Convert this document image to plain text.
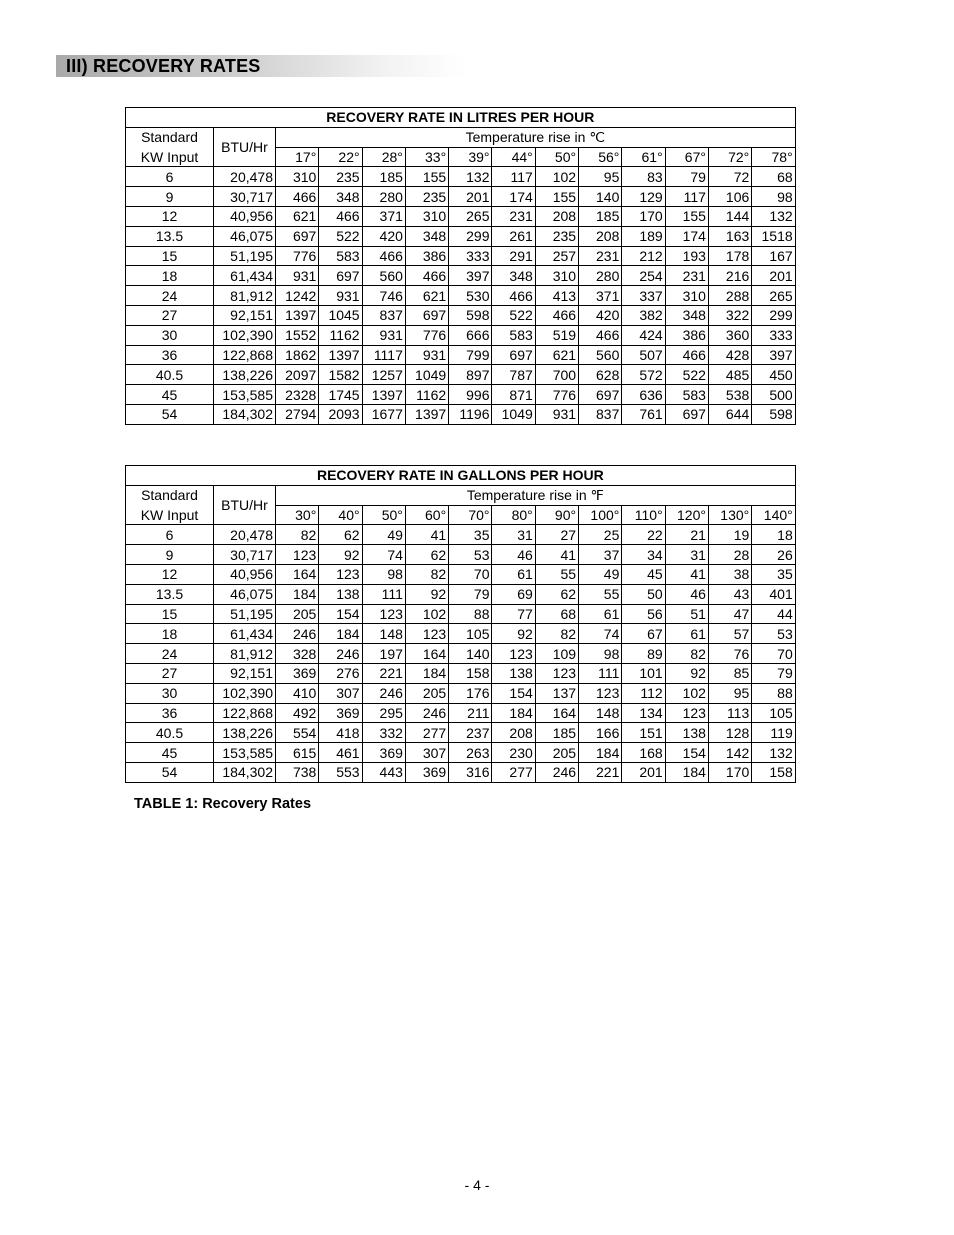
III) RECOVERY RATES
RECOVERY RATE IN LITRES PER HOUR													
Standard	BTU/Hr	Temperature rise in ℃											
KW Input		17°	22°	28°	33°	39°	44°	50°	56°	61°	67°	72°	78°
6	20,478	310	235	185	155	132	117	102	95	83	79	72	68
9	30,717	466	348	280	235	201	174	155	140	129	117	106	98
12	40,956	621	466	371	310	265	231	208	185	170	155	144	132
13.5	46,075	697	522	420	348	299	261	235	208	189	174	163	1518
15	51,195	776	583	466	386	333	291	257	231	212	193	178	167
18	61,434	931	697	560	466	397	348	310	280	254	231	216	201
24	81,912	1242	931	746	621	530	466	413	371	337	310	288	265
27	92,151	1397	1045	837	697	598	522	466	420	382	348	322	299
30	102,390	1552	1162	931	776	666	583	519	466	424	386	360	333
36	122,868	1862	1397	1117	931	799	697	621	560	507	466	428	397
40.5	138,226	2097	1582	1257	1049	897	787	700	628	572	522	485	450
45	153,585	2328	1745	1397	1162	996	871	776	697	636	583	538	500
54	184,302	2794	2093	1677	1397	1196	1049	931	837	761	697	644	598
RECOVERY RATE IN GALLONS PER HOUR													
Standard	BTU/Hr	Temperature rise in ℉											
KW Input		30°	40°	50°	60°	70°	80°	90°	100°	110°	120°	130°	140°
6	20,478	82	62	49	41	35	31	27	25	22	21	19	18
9	30,717	123	92	74	62	53	46	41	37	34	31	28	26
12	40,956	164	123	98	82	70	61	55	49	45	41	38	35
13.5	46,075	184	138	111	92	79	69	62	55	50	46	43	401
15	51,195	205	154	123	102	88	77	68	61	56	51	47	44
18	61,434	246	184	148	123	105	92	82	74	67	61	57	53
24	81,912	328	246	197	164	140	123	109	98	89	82	76	70
27	92,151	369	276	221	184	158	138	123	111	101	92	85	79
30	102,390	410	307	246	205	176	154	137	123	112	102	95	88
36	122,868	492	369	295	246	211	184	164	148	134	123	113	105
40.5	138,226	554	418	332	277	237	208	185	166	151	138	128	119
45	153,585	615	461	369	307	263	230	205	184	168	154	142	132
54	184,302	738	553	443	369	316	277	246	221	201	184	170	158
TABLE 1: Recovery Rates
- 4 -
